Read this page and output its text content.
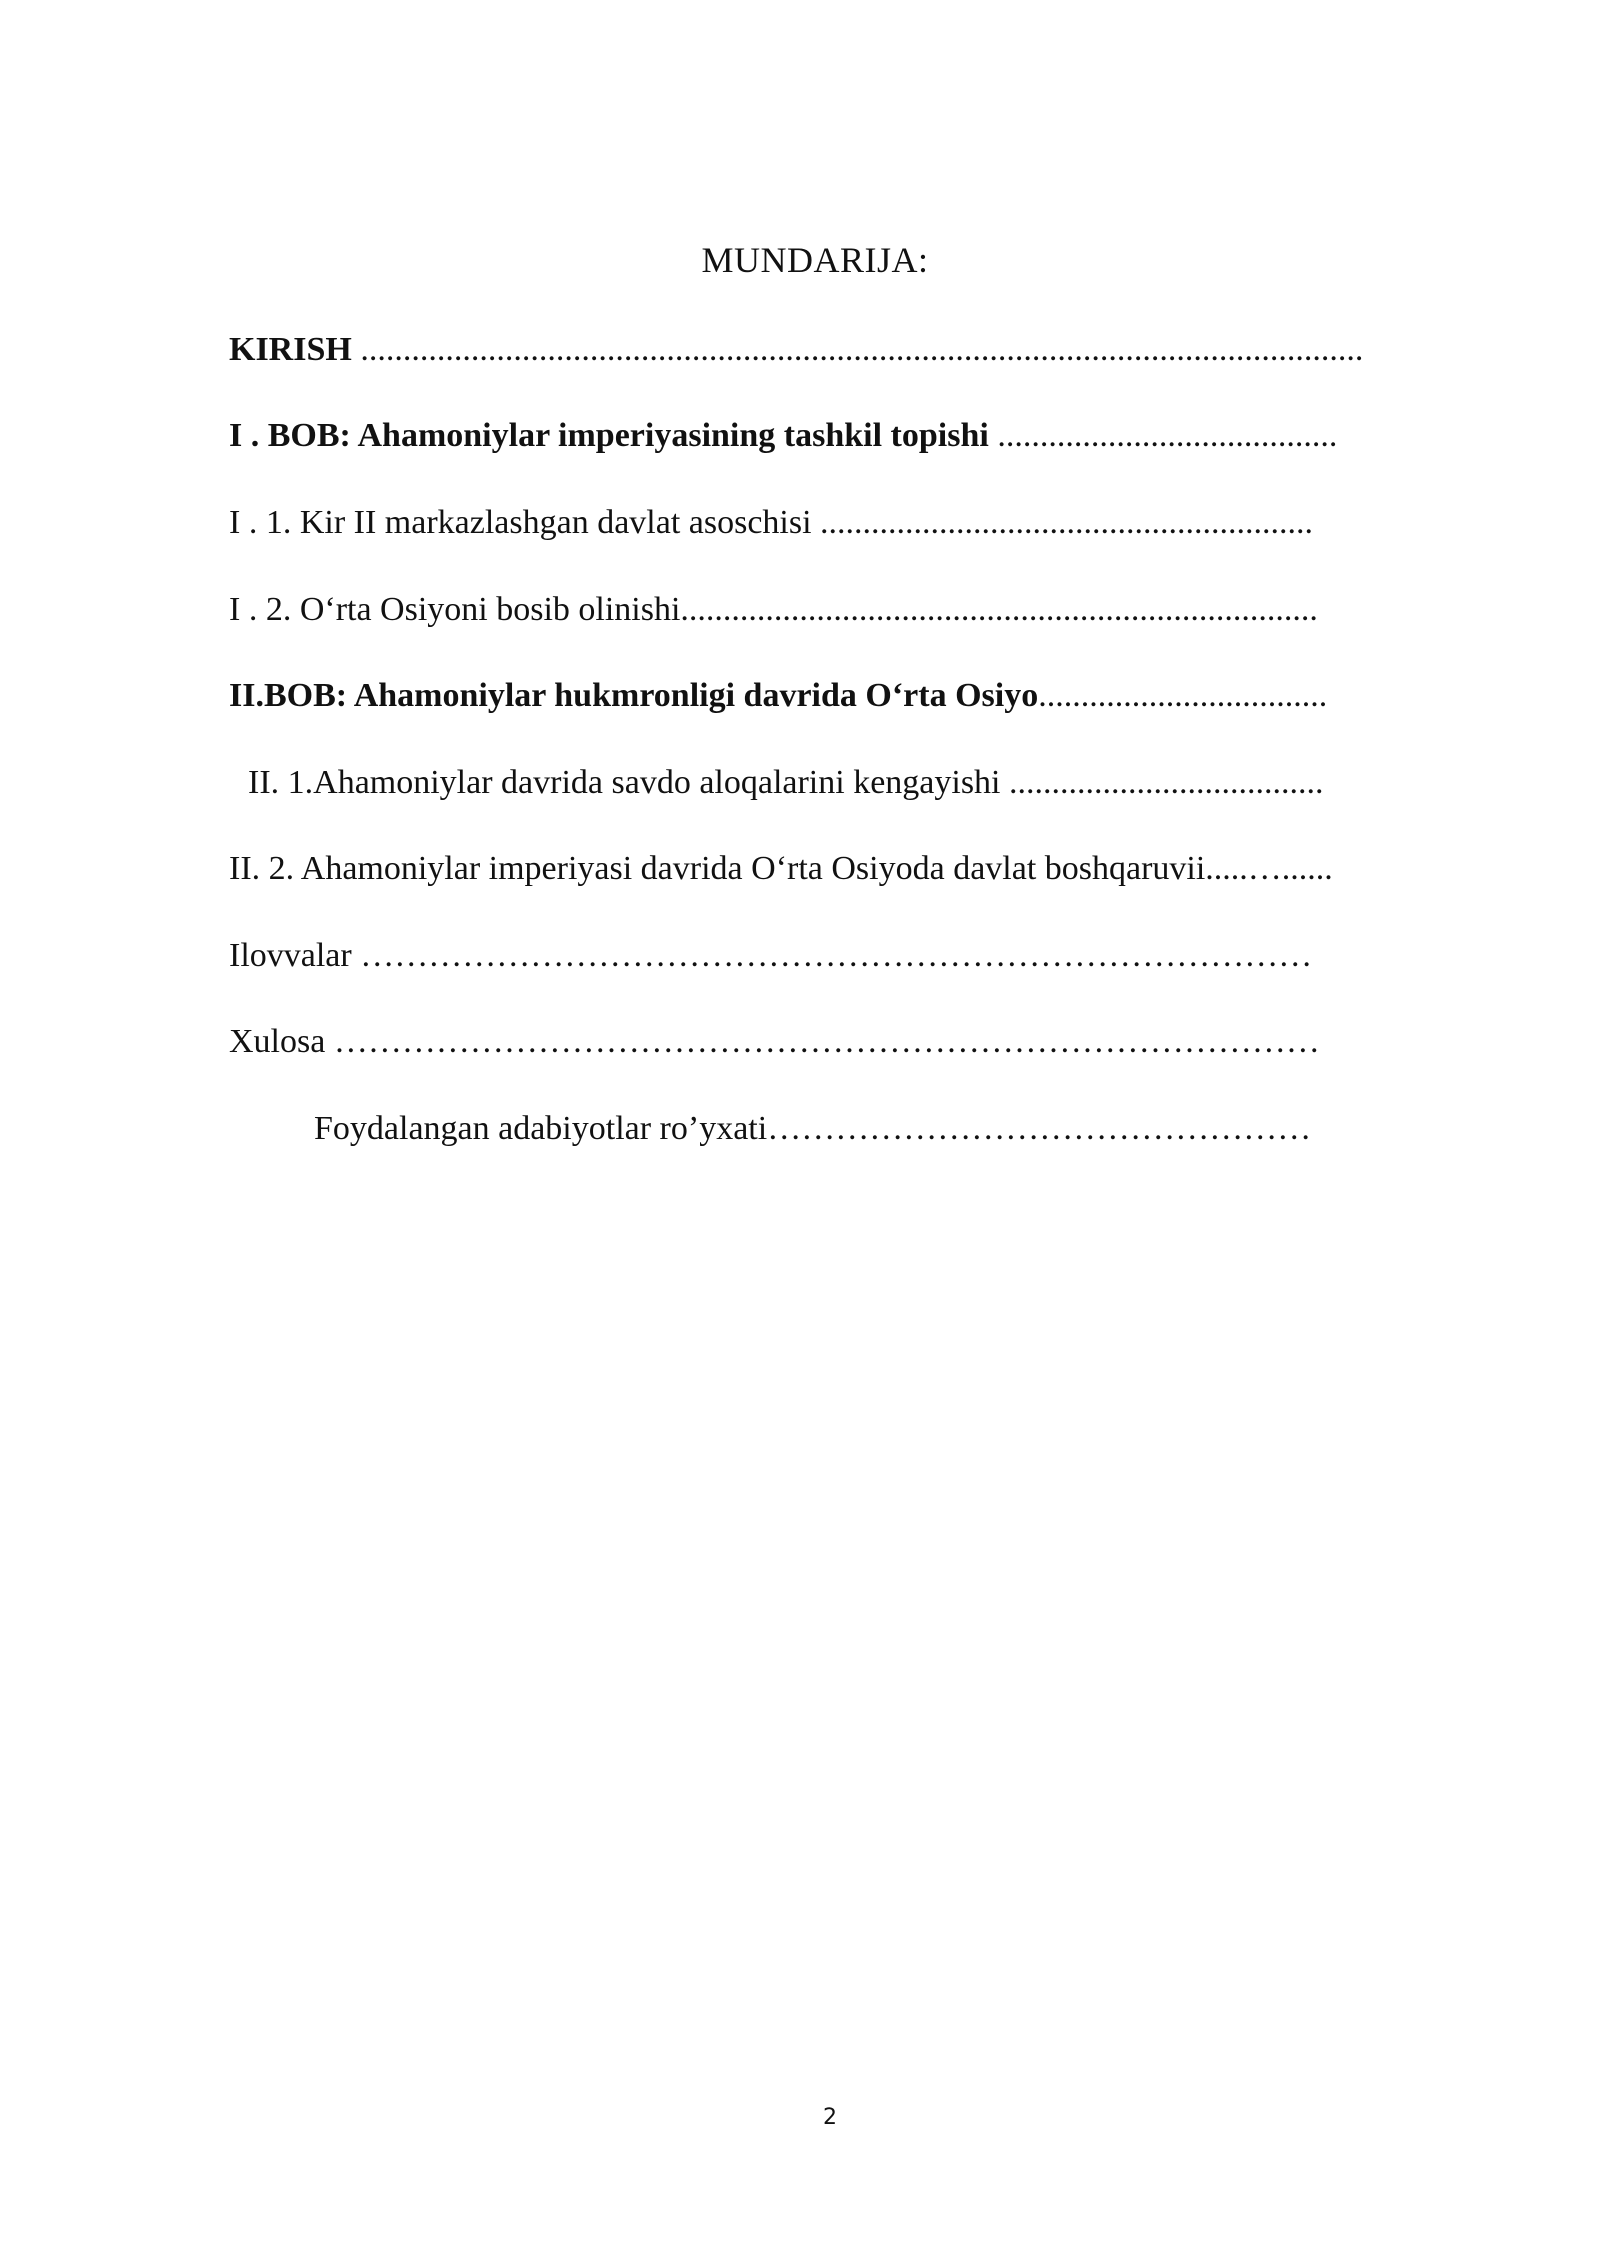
MUNDARIJA:
KIRISH ......................................................................................................................
I . BOB: Ahamoniylar imperiyasining tashkil topishi ........................................
I . 1. Kir II markazlashgan davlat asoschisi ..........................................................
I . 2. O‘rta Osiyoni bosib olinishi...........................................................................
II.BOB: Ahamoniylar hukmronligi davrida O‘rta Osiyo..................................
II. 1.Ahamoniylar davrida savdo aloqalarini kengayishi .....................................
II. 2. Ahamoniylar imperiyasi davrida O‘rta Osiyoda davlat boshqaruvii.....…......
Ilovvalar …………………………………………………………………………
Xulosa ……………………………………………………………………………
Foydalangan adabiyotlar ro’yxati…………………………………………
2
